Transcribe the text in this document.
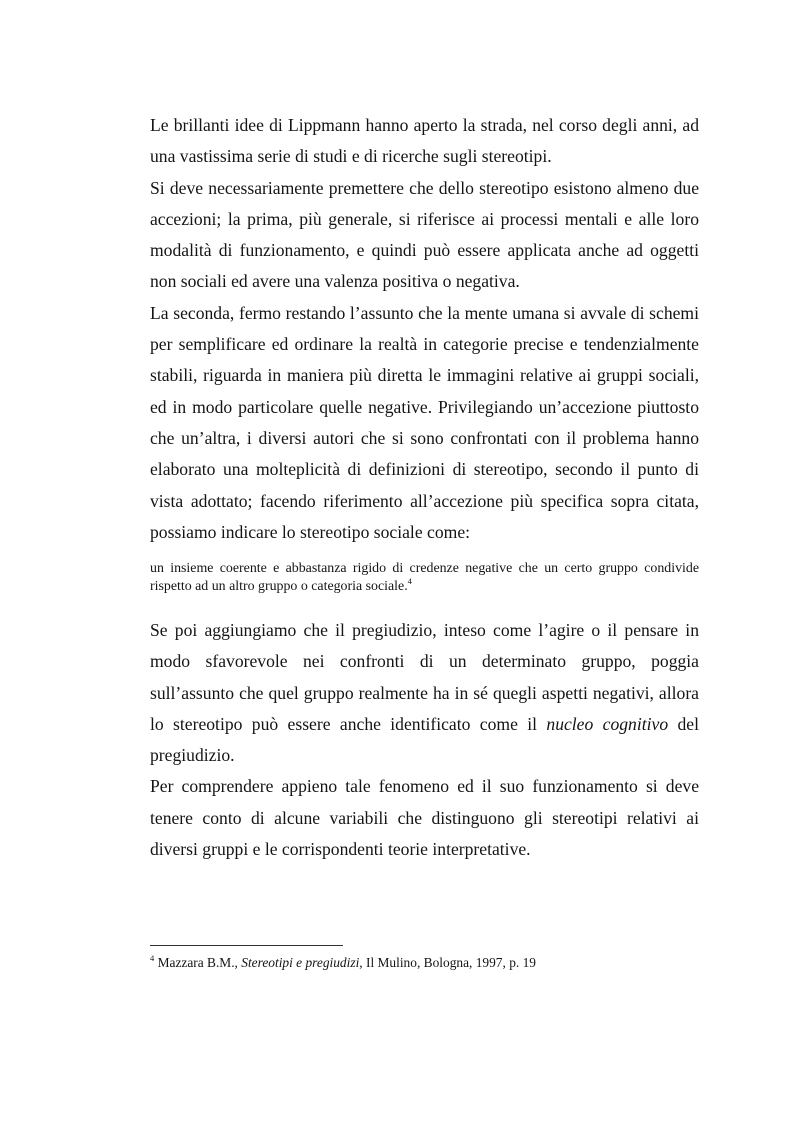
Le brillanti idee di Lippmann hanno aperto la strada, nel corso degli anni, ad una vastissima serie di studi e di ricerche sugli stereotipi.

Si deve necessariamente premettere che dello stereotipo esistono almeno due accezioni; la prima, più generale, si riferisce ai processi mentali e alle loro modalità di funzionamento, e quindi può essere applicata anche ad oggetti non sociali ed avere una valenza positiva o negativa.

La seconda, fermo restando l’assunto che la mente umana si avvale di schemi per semplificare ed ordinare la realtà in categorie precise e tendenzialmente stabili, riguarda in maniera più diretta le immagini relative ai gruppi sociali, ed in modo particolare quelle negative. Privilegiando un’accezione piuttosto che un’altra, i diversi autori che si sono confrontati con il problema hanno elaborato una molteplicità di definizioni di stereotipo, secondo il punto di vista adottato; facendo riferimento all’accezione più specifica sopra citata, possiamo indicare lo stereotipo sociale come:

un insieme coerente e abbastanza rigido di credenze negative che un certo gruppo condivide rispetto ad un altro gruppo o categoria sociale.$^4$

Se poi aggiungiamo che il pregiudizio, inteso come l’agire o il pensare in modo sfavorevole nei confronti di un determinato gruppo, poggia sull’assunto che quel gruppo realmente ha in sé quegli aspetti negativi, allora lo stereotipo può essere anche identificato come il nucleo cognitivo del pregiudizio.

Per comprendere appieno tale fenomeno ed il suo funzionamento si deve tenere conto di alcune variabili che distinguono gli stereotipi relativi ai diversi gruppi e le corrispondenti teorie interpretative.

$^4$ Mazzara B.M., Stereotipi e pregiudizi, Il Mulino, Bologna, 1997, p. 19
